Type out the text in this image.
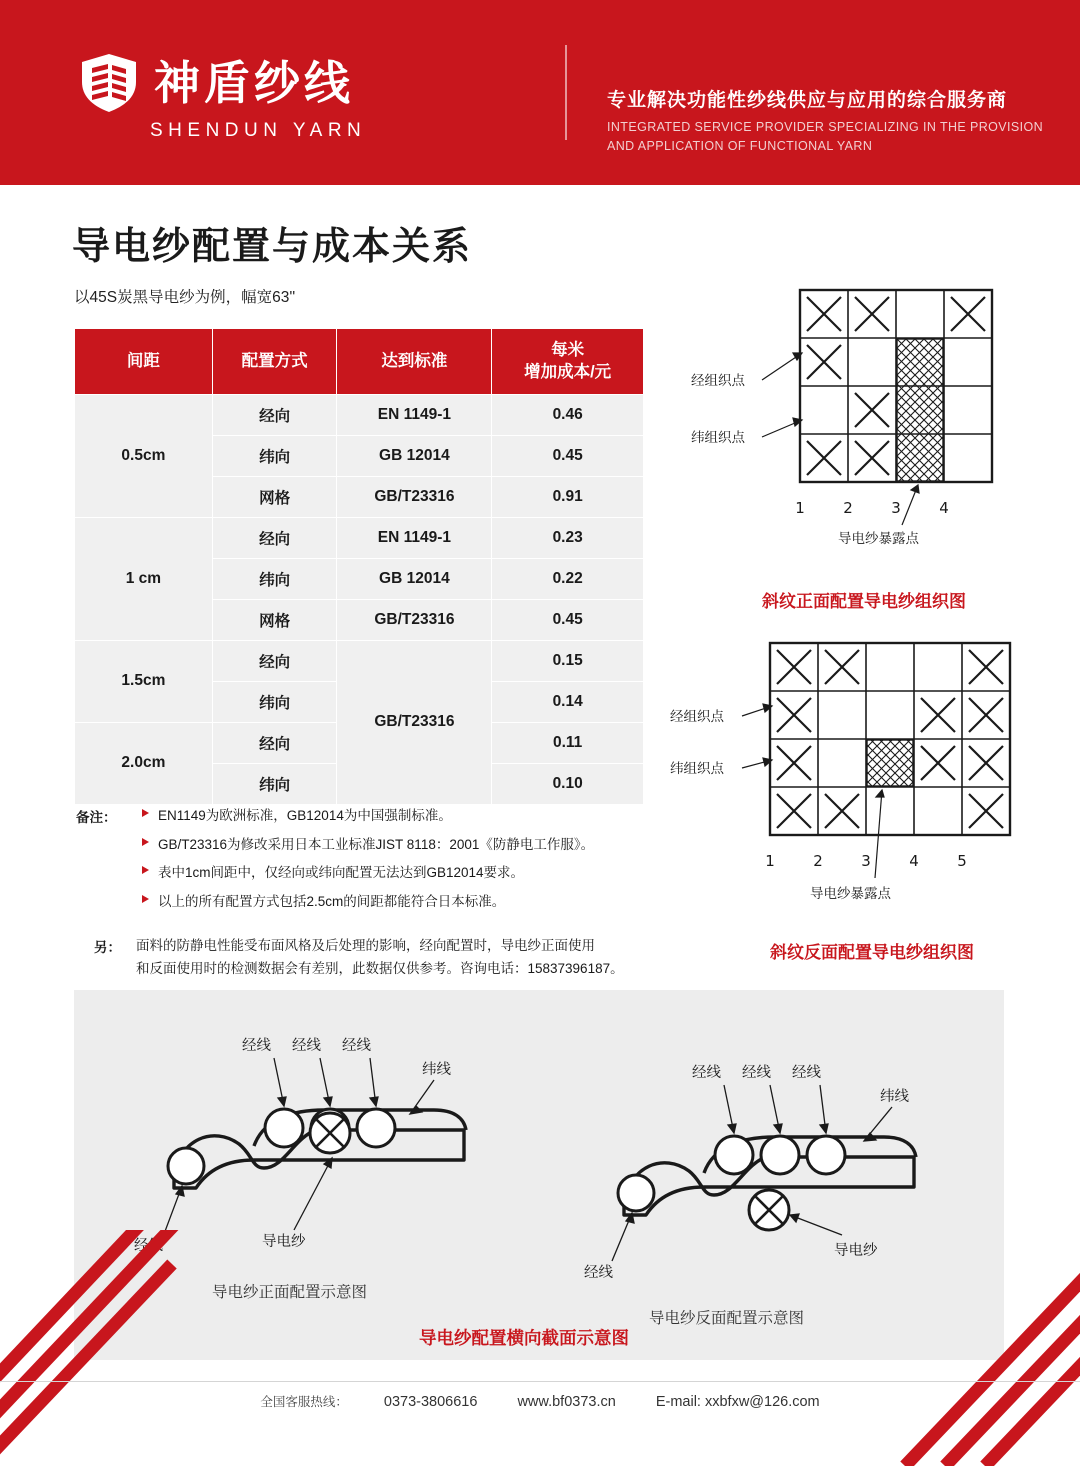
神盾纱线
SHENDUN YARN
专业解决功能性纱线供应与应用的综合服务商
INTEGRATED SERVICE PROVIDER SPECIALIZING IN THE PROVISION
AND APPLICATION OF FUNCTIONAL YARN
导电纱配置与成本关系
以45S炭黑导电纱为例，幅宽63''
间距	配置方式	达到标准	每米
增加成本/元

0.5cm	经向	EN 1149-1	0.46
	纬向	GB 12014	0.45
	网格	GB/T23316	0.91
1 cm	经向	EN 1149-1	0.23
	纬向	GB 12014	0.22
	网格	GB/T23316	0.45
1.5cm	经向	GB/T23316	0.15
	纬向		0.14
2.0cm	经向		0.11
	纬向		0.10
备注：	EN1149为欧洲标准，GB12014为中国强制标准。
GB/T23316为修改采用日本工业标准JIST 8118：2001《防静电工作服》。
表中1cm间距中，仅经向或纬向配置无法达到GB12014要求。
以上的所有配置方式包括2.5cm的间距都能符合日本标准。
另： 面料的防静电性能受布面风格及后处理的影响，经向配置时，导电纱正面使用
和反面使用时的检测数据会有差别，此数据仅供参考。咨询电话：15837396187。
经组织点
纬组织点
1	2	3	4
导电纱暴露点
斜纹正面配置导电纱组织图
经组织点
纬组织点
1	2	3	4	5
导电纱暴露点
斜纹反面配置导电纱组织图
经线 经线 经线
纬线
经线	导电纱
导电纱正面配置示意图
经线 经线 经线
纬线
经线
导电纱
导电纱反面配置示意图
导电纱配置横向截面示意图
全国客服热线： 0373-3806616	www.bf0373.cn	E-mail: xxbfxw@126.com
